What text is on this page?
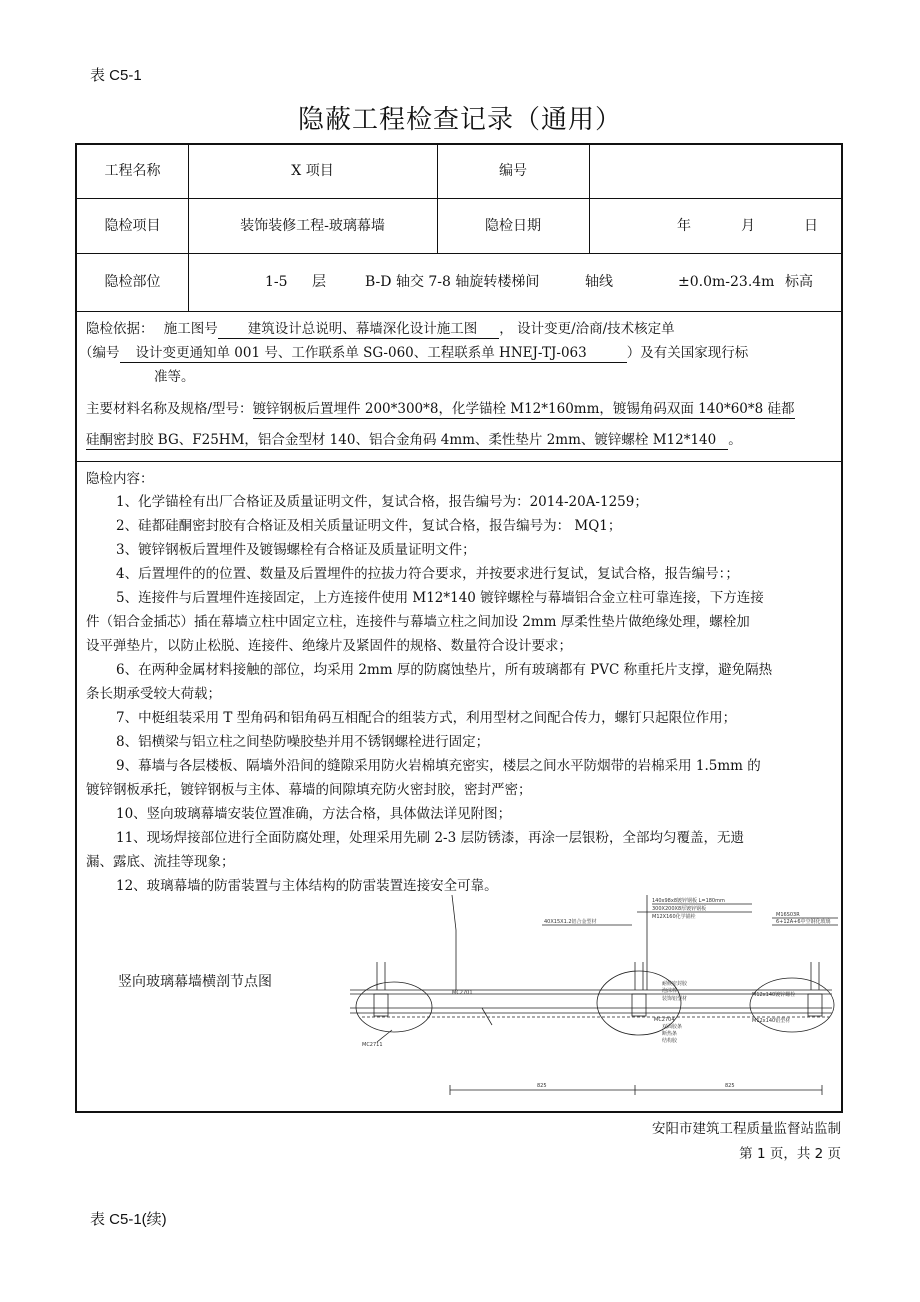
表 C5-1
隐蔽工程检查记录（通用）
工程名称	X 项目	编号
隐检项目	装饰装修工程-玻璃幕墙	隐检日期	年	月	日
隐检部位	1-5 层	B-D 轴交 7-8 轴旋转楼梯间	轴线	±0.0m-23.4m 标高
隐检依据： 施工图号 建筑设计总说明、幕墙深化设计施工图 ， 设计变更/洽商/技术核定单
（编号 设计变更通知单 001 号、工作联系单 SG-060、工程联系单 HNEJ-TJ-063	）及有关国家现行标
准等。
主要材料名称及规格/型号：镀锌钢板后置埋件 200*300*8，化学锚栓 M12*160mm，镀锡角码双面 140*60*8 硅都
硅酮密封胶 BG、F25HM，铝合金型材 140、铝合金角码 4mm、柔性垫片 2mm、镀锌螺栓 M12*140 。
隐检内容：
1、化学锚栓有出厂合格证及质量证明文件，复试合格，报告编号为：2014-20A-1259；
2、硅都硅酮密封胶有合格证及相关质量证明文件，复试合格，报告编号为： MQ1；
3、镀锌钢板后置埋件及镀锡螺栓有合格证及质量证明文件；
4、后置埋件的的位置、数量及后置埋件的拉拔力符合要求，并按要求进行复试，复试合格，报告编号：；
5、连接件与后置埋件连接固定，上方连接件使用 M12*140 镀锌螺栓与幕墙铝合金立柱可靠连接，下方连接
件（铝合金插芯）插在幕墙立柱中固定立柱，连接件与幕墙立柱之间加设 2mm 厚柔性垫片做绝缘处理，螺栓加
设平弹垫片，以防止松脱、连接件、绝缘片及紧固件的规格、数量符合设计要求；
6、在两种金属材料接触的部位，均采用 2mm 厚的防腐蚀垫片，所有玻璃都有 PVC 称重托片支撑，避免隔热
条长期承受较大荷载；
7、中梃组装采用 T 型角码和铝角码互相配合的组装方式，利用型材之间配合传力，螺钉只起限位作用；
8、铝横梁与铝立柱之间垫防噪胶垫并用不锈钢螺栓进行固定；
9、幕墙与各层楼板、隔墙外沿间的缝隙采用防火岩棉填充密实，楼层之间水平防烟带的岩棉采用 1.5mm 的
镀锌钢板承托，镀锌钢板与主体、幕墙的间隙填充防火密封胶，密封严密；
10、竖向玻璃幕墙安装位置准确，方法合格，具体做法详见附图；
11、现场焊接部位进行全面防腐处理，处理采用先刷 2-3 层防锈漆，再涂一层银粉，全部均匀覆盖，无遗
漏、露底、流挂等现象；
12、玻璃幕墙的防雷装置与主体结构的防雷装置连接安全可靠。
竖向玻璃幕墙横剖节点图
140x98x8镀锌钢板 L=180mm
300X200X8厚镀锌钢板
M12X160化学锚栓
40X15X1.2铝合金型材
M16S03R
6+12A+6中空钢化玻璃
耐候密封胶
泡沫棒
MC2701	M12x140镀锌螺栓
装饰铝型材
双面胶条
断热条
结构胶
MC2704	M12x140铝型材
MC2711
825	825
安阳市建筑工程质量监督站监制
第 1 页，共 2 页
表 C5-1(续)
